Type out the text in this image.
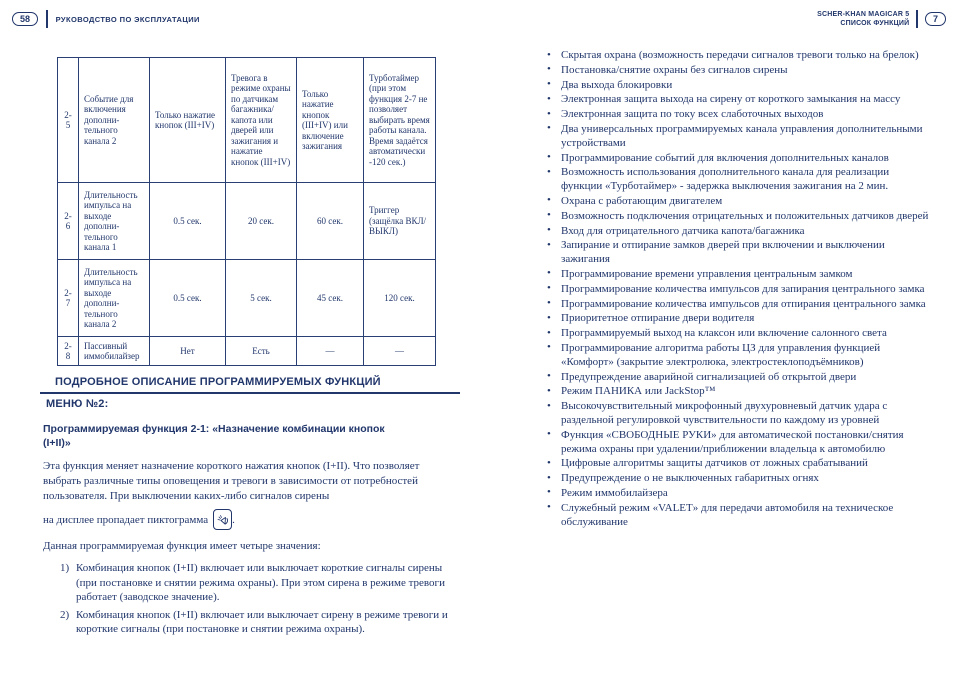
58	РУКОВОДСТВО ПО ЭКСПЛУАТАЦИИ	SCHER-KHAN MAGICAR 5
СПИСОК ФУНКЦИЙ	7
2-5	Событие для включения дополни- тельного канала 2	Только нажатие кнопок (III+IV)	Тревога в режиме охраны по датчикам багажника/ капота или дверей или зажигания и нажатие кнопок (III+IV)	Только нажатие кнопок (III+IV) или включение зажигания	Турботаймер (при этом функция 2-7 не позволяет выбирать время работы канала. Время задаётся автоматически -120 сек.)
2-6	Длительность импульса на выходе дополни- тельного канала 1	0.5 сек.	20 сек.	60 сек.	Триггер (защёлка ВКЛ/ВЫКЛ)
2-7	Длительность импульса на выходе дополни- тельного канала 2	0.5 сек.	5 сек.	45 сек.	120 сек.
2-8	Пассивный иммобилайзер	Нет	Есть	—	—
ПОДРОБНОЕ ОПИСАНИЕ ПРОГРАММИРУЕМЫХ ФУНКЦИЙ
МЕНЮ №2:
Программируемая функция 2-1: «Назначение комбинации кнопок (I+II)»
Эта функция меняет назначение короткого нажатия кнопок (I+II). Что позволяет выбрать различные типы оповещения и тревоги в зависимости от потребностей пользователя. При выключении каких-либо сигналов сирены
на дисплее пропадает пиктограмма .
Данная программируемая функция имеет четыре значения:
1) Комбинация кнопок (I+II) включает или выключает короткие сигналы сирены (при постановке и снятии режима охраны). При этом сирена в режиме тревоги работает (заводское значение).
2) Комбинация кнопок (I+II) включает или выключает сирену в режиме тревоги и короткие сигналы (при постановке и снятии режима охраны).
• Скрытая охрана (возможность передачи сигналов тревоги только на брелок)
• Постановка/снятие охраны без сигналов сирены
• Два выхода блокировки
• Электронная защита выхода на сирену от короткого замыкания на массу
• Электронная защита по току всех слаботочных выходов
• Два универсальных программируемых канала управления дополнительными устройствами
• Программирование событий для включения дополнительных каналов
• Возможность использования дополнительного канала для реализации функции «Турботаймер» - задержка выключения зажигания на 2 мин.
• Охрана с работающим двигателем
• Возможность подключения отрицательных и положительных датчиков дверей
• Вход для отрицательного датчика капота/багажника
• Запирание и отпирание замков дверей при включении и выключении зажигания
• Программирование времени управления центральным замком
• Программирование количества импульсов для запирания центрального замка
• Программирование количества импульсов для отпирания центрального замка
• Приоритетное отпирание двери водителя
• Программируемый выход на клаксон или включение салонного света
• Программирование алгоритма работы ЦЗ для управления функцией «Комфорт» (закрытие электролюка, электростеклоподъёмников)
• Предупреждение аварийной сигнализацией об открытой двери
• Режим ПАНИКА или JackStop™
• Высокочувствительный микрофонный двухуровневый датчик удара с раздельной регулировкой чувствительности по каждому из уровней
• Функция «СВОБОДНЫЕ РУКИ» для автоматической постановки/снятия режима охраны при удалении/приближении владельца к автомобилю
• Цифровые алгоритмы защиты датчиков от ложных срабатываний
• Предупреждение о не выключенных габаритных огнях
• Режим иммобилайзера
• Служебный режим «VALET» для передачи автомобиля на техническое обслуживание
